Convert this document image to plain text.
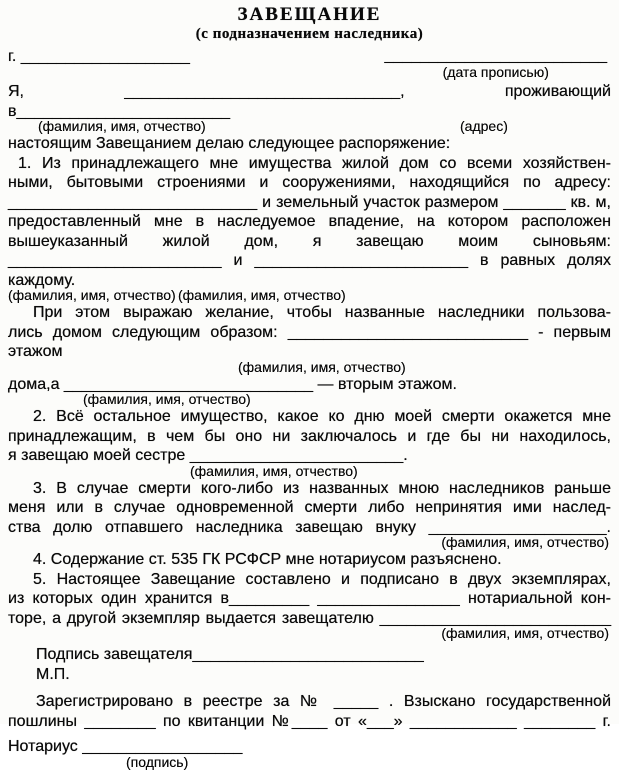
ЗАВЕЩАНИЕ
(с подназначением наследника)
г. ___________________	_________________________
(дата прописью)
Я, _______________________________, проживающий в________________________
(фамилия, имя, отчество)	(адрес)
настоящим Завещанием делаю следующее распоряжение:
1. Из принадлежащего мне имущества жилой дом со всеми хозяйствен-
ными, бытовыми строениями и сооружениями, находящийся по адресу:
____________________________ и земельный участок размером _______ кв. м,
предоставленный мне в наследуемое впадение, на котором расположен
вышеуказанный жилой дом, я завещаю моим сыновьям:
________________________ и ________________________ в равных долях каждому.
(фамилия, имя, отчество) (фамилия, имя, отчество)
При этом выражаю желание, чтобы названные наследники пользова-
лись домом следующим образом: ___________________________ - первым этажом
(фамилия, имя, отчество)
дома,а ____________________________ — вторым этажом.
(фамилия, имя, отчество)
2. Всё остальное имущество, какое ко дню моей смерти окажется мне
принадлежащим, в чем бы оно ни заключалось и где бы ни находилось,
я завещаю моей сестре ________________________.
(фамилия, имя, отчество)
3. В случае смерти кого-либо из названных мною наследников раньше
меня или в случае одновременной смерти либо непринятия ими наслед-
ства долю отпавшего наследника завещаю внуку ____________________.
(фамилия, имя, отчество)
4. Содержание ст. 535 ГК РСФСР мне нотариусом разъяснено.
5. Настоящее Завещание составлено и подписано в двух экземплярах,
из которых один хранится в_________ ________________ нотариальной кон-
торе, а другой экземпляр выдается завещателю __________________________
(фамилия, имя, отчество)
Подпись завещателя__________________________
М.П.
Зарегистрировано в реестре за № _____ . Взыскано государственной
пошлины ________ по квитанции №____ от «___» ____________ ________ г.
Нотариус __________________
(подпись)
